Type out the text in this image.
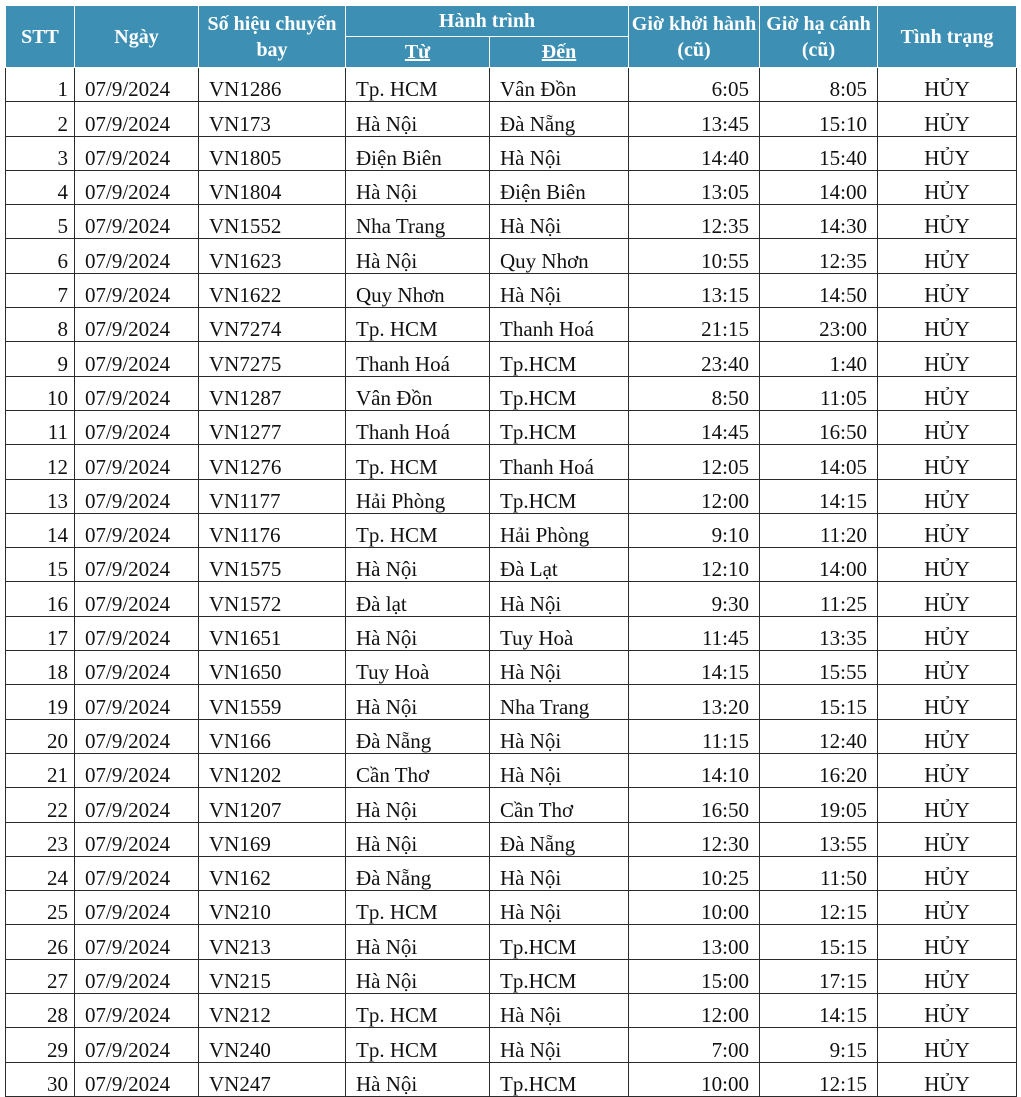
STT	Ngày	Số hiệu chuyến bay	Hành trình		Giờ khởi hành (cũ)	Giờ hạ cánh (cũ)	Tình trạng
			Từ	Đến			
1	07/9/2024	VN1286	Tp. HCM	Vân Đồn	6:05	8:05	HỦY
2	07/9/2024	VN173	Hà Nội	Đà Nẵng	13:45	15:10	HỦY
3	07/9/2024	VN1805	Điện Biên	Hà Nội	14:40	15:40	HỦY
4	07/9/2024	VN1804	Hà Nội	Điện Biên	13:05	14:00	HỦY
5	07/9/2024	VN1552	Nha Trang	Hà Nội	12:35	14:30	HỦY
6	07/9/2024	VN1623	Hà Nội	Quy Nhơn	10:55	12:35	HỦY
7	07/9/2024	VN1622	Quy Nhơn	Hà Nội	13:15	14:50	HỦY
8	07/9/2024	VN7274	Tp. HCM	Thanh Hoá	21:15	23:00	HỦY
9	07/9/2024	VN7275	Thanh Hoá	Tp.HCM	23:40	1:40	HỦY
10	07/9/2024	VN1287	Vân Đồn	Tp.HCM	8:50	11:05	HỦY
11	07/9/2024	VN1277	Thanh Hoá	Tp.HCM	14:45	16:50	HỦY
12	07/9/2024	VN1276	Tp. HCM	Thanh Hoá	12:05	14:05	HỦY
13	07/9/2024	VN1177	Hải Phòng	Tp.HCM	12:00	14:15	HỦY
14	07/9/2024	VN1176	Tp. HCM	Hải Phòng	9:10	11:20	HỦY
15	07/9/2024	VN1575	Hà Nội	Đà Lạt	12:10	14:00	HỦY
16	07/9/2024	VN1572	Đà lạt	Hà Nội	9:30	11:25	HỦY
17	07/9/2024	VN1651	Hà Nội	Tuy Hoà	11:45	13:35	HỦY
18	07/9/2024	VN1650	Tuy Hoà	Hà Nội	14:15	15:55	HỦY
19	07/9/2024	VN1559	Hà Nội	Nha Trang	13:20	15:15	HỦY
20	07/9/2024	VN166	Đà Nẵng	Hà Nội	11:15	12:40	HỦY
21	07/9/2024	VN1202	Cần Thơ	Hà Nội	14:10	16:20	HỦY
22	07/9/2024	VN1207	Hà Nội	Cần Thơ	16:50	19:05	HỦY
23	07/9/2024	VN169	Hà Nội	Đà Nẵng	12:30	13:55	HỦY
24	07/9/2024	VN162	Đà Nẵng	Hà Nội	10:25	11:50	HỦY
25	07/9/2024	VN210	Tp. HCM	Hà Nội	10:00	12:15	HỦY
26	07/9/2024	VN213	Hà Nội	Tp.HCM	13:00	15:15	HỦY
27	07/9/2024	VN215	Hà Nội	Tp.HCM	15:00	17:15	HỦY
28	07/9/2024	VN212	Tp. HCM	Hà Nội	12:00	14:15	HỦY
29	07/9/2024	VN240	Tp. HCM	Hà Nội	7:00	9:15	HỦY
30	07/9/2024	VN247	Hà Nội	Tp.HCM	10:00	12:15	HỦY
